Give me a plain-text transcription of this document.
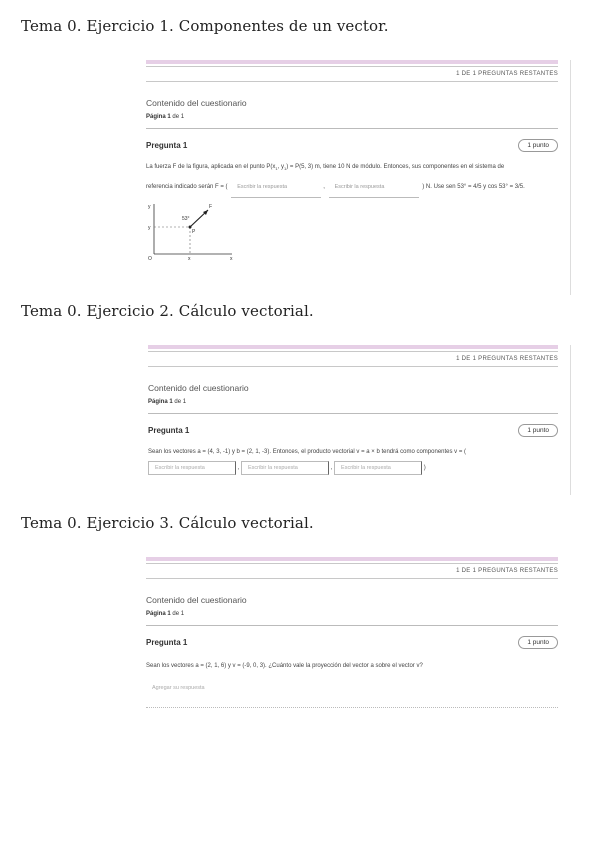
Tema 0. Ejercicio 1. Componentes de un vector.
1 DE 1 PREGUNTAS RESTANTES
Contenido del cuestionario
Página 1 de 1
Pregunta 1	1 punto
La fuerza F de la figura, aplicada en el punto $P(x_1$, $y_1) = P(5$, 3) m, tiene 10 N de módulo. Entonces, sus componentes en el sistema de
referencia indicado serán F = ( Escribir la respuesta	, Escribir la respuesta	) N. Use sen 53° = 4/5 y cos 53° = 3/5.
53°
F
P
O
y
x	x
y
Tema 0. Ejercicio 2. Cálculo vectorial.
1 DE 1 PREGUNTAS RESTANTES
Contenido del cuestionario
Página 1 de 1
Pregunta 1	1 punto
Sean los vectores a = (4, 3, -1) y b = (2, 1, -3). Entonces, el producto vectorial v = a × b tendrá como componentes v = (
Escribir la respuesta	, Escribir la respuesta	, Escribir la respuesta	)
Tema 0. Ejercicio 3. Cálculo vectorial.
1 DE 1 PREGUNTAS RESTANTES
Contenido del cuestionario
Página 1 de 1
Pregunta 1	1 punto
Sean los vectores a = (2, 1, 6) y v = (-9, 0, 3). ¿Cuánto vale la proyección del vector a sobre el vector v?
Agregar su respuesta
